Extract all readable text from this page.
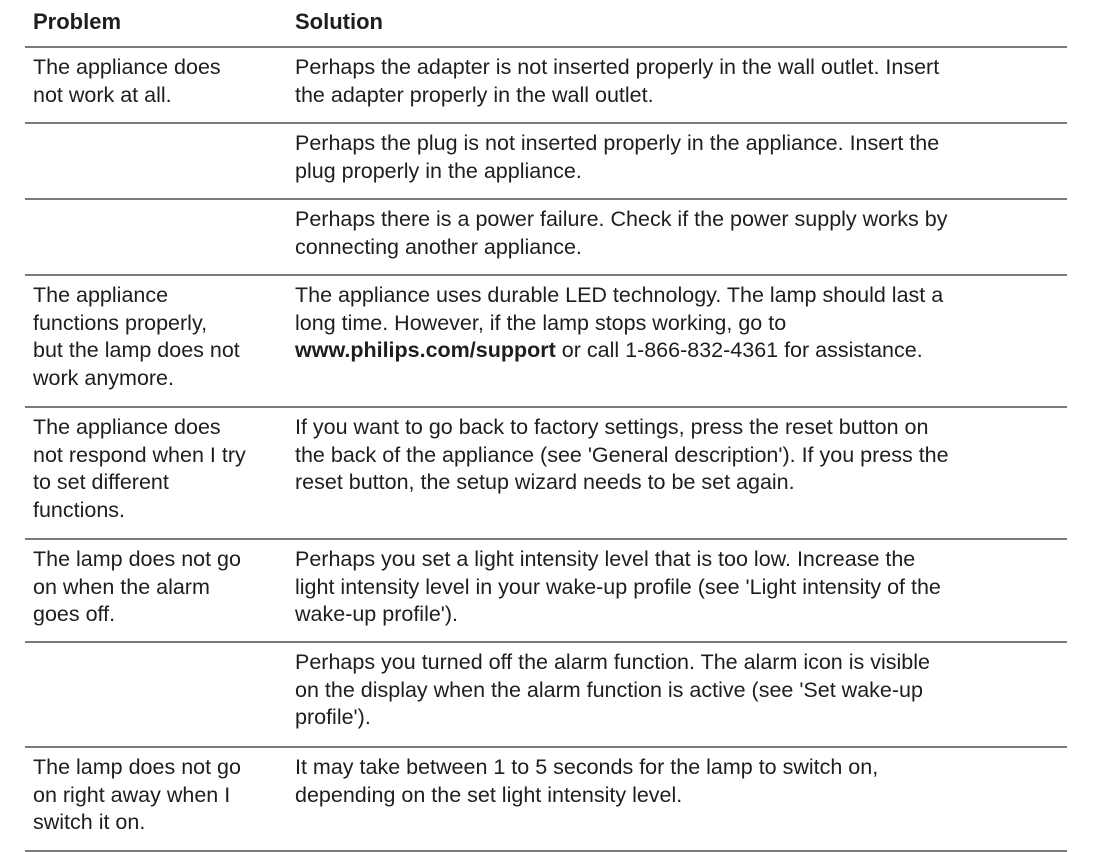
Problem	Solution
The appliance does
not work at all.
Perhaps the adapter is not inserted properly in the wall outlet. Insert
the adapter properly in the wall outlet.
Perhaps the plug is not inserted properly in the appliance. Insert the
plug properly in the appliance.
Perhaps there is a power failure. Check if the power supply works by
connecting another appliance.
The appliance
functions properly,
but the lamp does not
work anymore.
The appliance uses durable LED technology. The lamp should last a
long time. However, if the lamp stops working, go to
www.philips.com/support or call 1-866-832-4361 for assistance.
The appliance does
not respond when I try
to set different
functions.
If you want to go back to factory settings, press the reset button on
the back of the appliance (see 'General description'). If you press the
reset button, the setup wizard needs to be set again.
The lamp does not go
on when the alarm
goes off.
Perhaps you set a light intensity level that is too low. Increase the
light intensity level in your wake-up profile (see 'Light intensity of the
wake-up profile').
Perhaps you turned off the alarm function. The alarm icon is visible
on the display when the alarm function is active (see 'Set wake-up
profile').
The lamp does not go
on right away when I
switch it on.
It may take between 1 to 5 seconds for the lamp to switch on,
depending on the set light intensity level.
